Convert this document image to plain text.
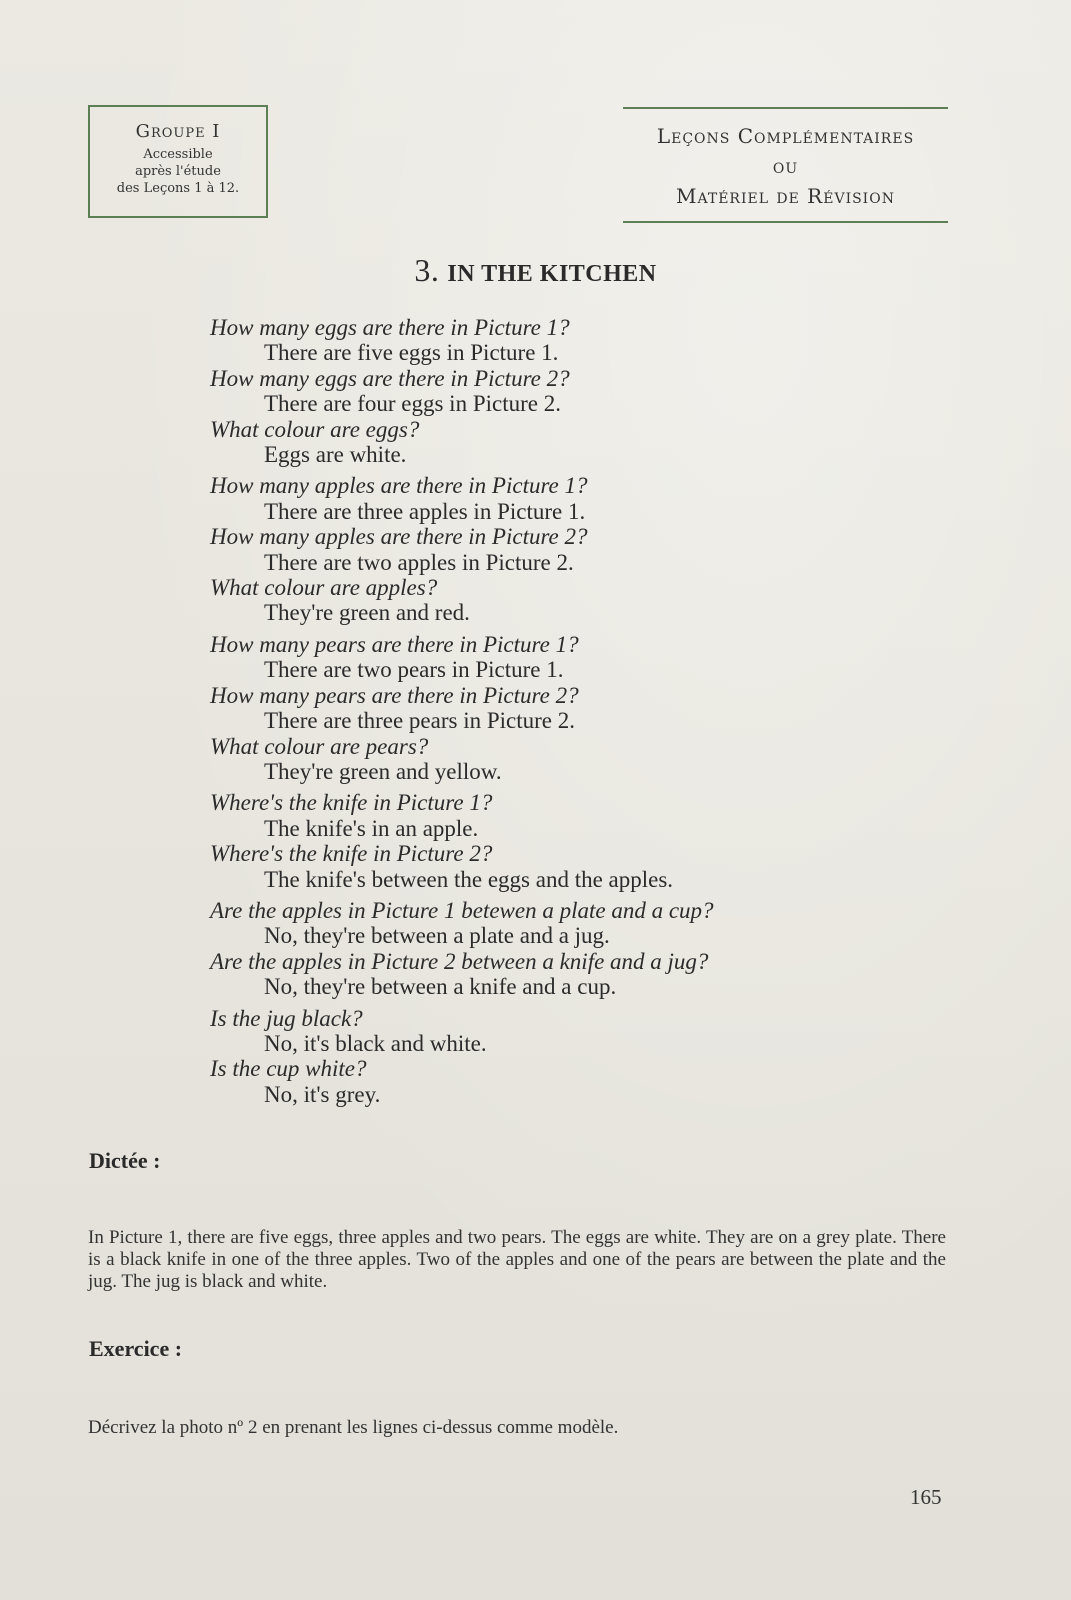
Groupe I
Accessible
après l'étude
des Leçons 1 à 12.
Leçons Complémentaires
ou
Matériel de Révision
3. IN THE KITCHEN
How many eggs are there in Picture 1?
There are five eggs in Picture 1.
How many eggs are there in Picture 2?
There are four eggs in Picture 2.
What colour are eggs?
Eggs are white.
How many apples are there in Picture 1?
There are three apples in Picture 1.
How many apples are there in Picture 2?
There are two apples in Picture 2.
What colour are apples?
They're green and red.
How many pears are there in Picture 1?
There are two pears in Picture 1.
How many pears are there in Picture 2?
There are three pears in Picture 2.
What colour are pears?
They're green and yellow.
Where's the knife in Picture 1?
The knife's in an apple.
Where's the knife in Picture 2?
The knife's between the eggs and the apples.
Are the apples in Picture 1 betewen a plate and a cup?
No, they're between a plate and a jug.
Are the apples in Picture 2 between a knife and a jug?
No, they're between a knife and a cup.
Is the jug black?
No, it's black and white.
Is the cup white?
No, it's grey.
Dictée :
In Picture 1, there are five eggs, three apples and two pears. The eggs are white. They are on a grey plate. There is a black knife in one of the three apples. Two of the apples and one of the pears are between the plate and the jug. The jug is black and white.
Exercice :
Décrivez la photo nº 2 en prenant les lignes ci-dessus comme modèle.
165
